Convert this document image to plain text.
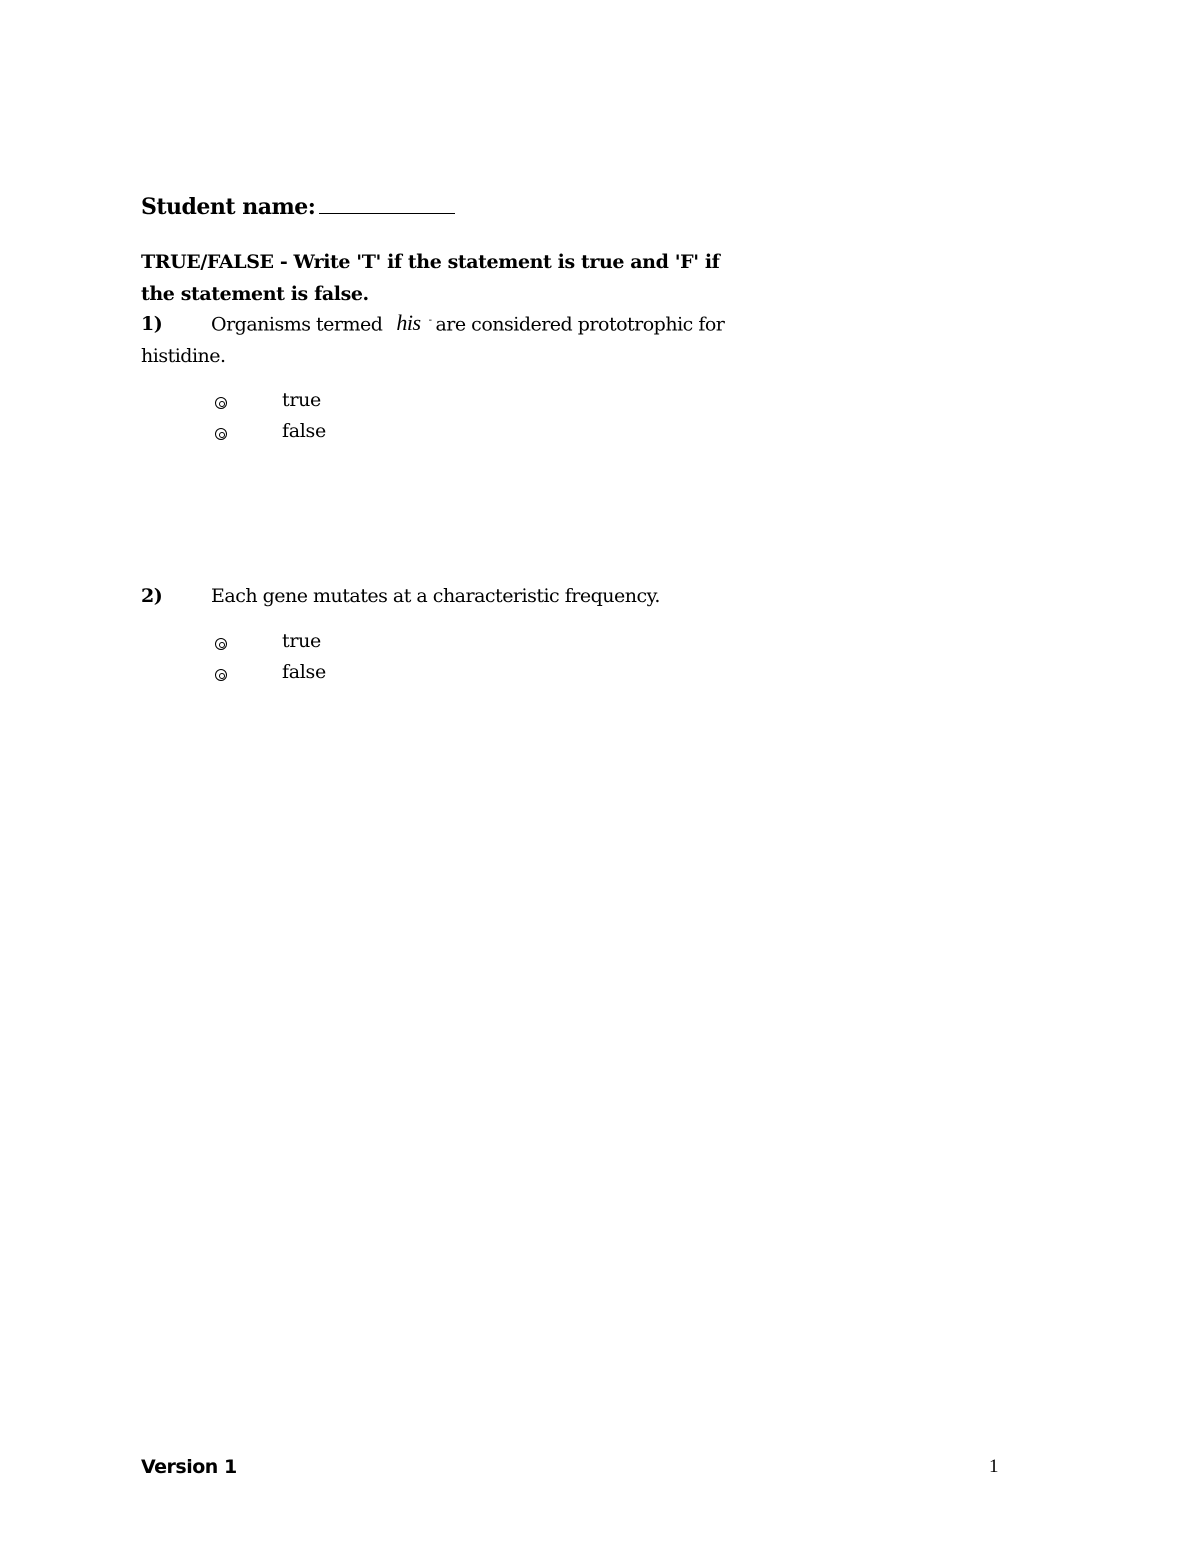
Student name:
TRUE/FALSE - Write 'T' if the statement is true and 'F' if the statement is false.
1)	Organisms termed his - are considered prototrophic for histidine.
true
false
2)	Each gene mutates at a characteristic frequency.
true
false
Version 1	1
